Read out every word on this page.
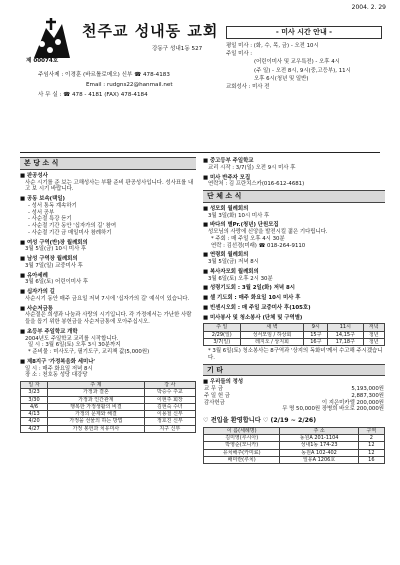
2004. 2. 29
천주교 성내동 교회
강동구 성내1동 527
제 00074호
주임사제 : 이경훈 (바르톨로메오) 신부 ☎ 478-4183
Email : rudgns22@hanmail.net
사 무 실 : ☎ 478 - 4181 (FAX) 478-4184
- 미사 시간 안내 -
평일 미사 : (화, 수, 목, 금) - 오전 10시
주일 미사 :
(어린이미사 및 교우특전) - 오후 4시
(주 일) - 오전 8시, 9시(중,고등부), 11시
오후 6시(청년 및 일반)
교회성사 : 미사 전
본 당 소 식
■ 판공성사
사순 시기를 준 보는 고해성사는 부활 준비 판공성사입니다. 성사표를 내고 보 시기 바랍니다.
■ 공동 보속(택일)
- 성서 통독 계속하기
- 성서 공부
- 사순절 특강 듣기
- 사순절 기간 동안 '십자가의 길' 참여
- 사순절 기간 금 매일미사 참례하기
■ 여성 구역(반)장 월례회의
3월 5일(금) 10시 미사 후
■ 남성 구역장 월례회의
3월 7일(일) 교중미사 후
■ 유아세례
3월 6일(토) 어린이미사 후
■ 십자가의 길
사순시기 동안 매주 금요일 저녁 7시에 '십자가의 길' 예식이 있습니다.
■ 사순저금통
사순절은 희생과 나눔과 사랑의 시기입니다. 각 가정에서는 가난한 사람들을 돕기 위한 봉헌금을 사순저금통에 모아주십시오.
■ 초등부 주일학교 개학
2004년도 주일학교 교리를 시작합니다.
일 시 : 3월 6일(토) 오후 3시 30분까지
* 준비물 : 미사도구, 필기도구, 교리책 값(5,000원)
■ 제8지구 '가정복음화 세미나'
일 시 : 매주 화요일 저녁 8시
장 소 : 천호동 성당 대강당
일 자	주 제	강 사
3/23	가정과 결혼	박승수 주교
3/30	가정과 인간관계	이현주 회장
4/6	행복한 가정생활의 비결	김현숙 수녀
4/13	가정의 문제와 해결	이용철 신부
4/20	가정을 선물의 하는 방법	정호진 신부
4/27	가정 봉헌과 치유미사	지구 신부
■ 중고등부 주일학교
교리 시작 : 3/7(일) 오전 9시 미사 후
■ 미사 반주자 모집
연락처 : 김 프란치스카(016-612-4681)
단 체 소 식
■ 성모회 월례회의
3월 3일(화) 10시 미사 후
■ 바다의 별Pr.(청년) 단원모집
성모님의 사랑에 신앙을 발전시킬 젊은 기다립니다.
* 주회 : 매 주일 오후 4시 30분
연락 : 김선경(미래) ☎ 018-264-9110
■ 연령회 월례회의
3월 5일(금) 저녁 8시
■ 복사자모회 월례회의
3월 6일(토) 오후 2시 30분
■ 성령기도회 : 3월 2일(화) 저녁 8시
■ 셀 기도회 : 매주 화요일 10시 미사 후
■ 빈센시오회 : 매 주일 교중미사 후(105호)
■ 미사봉사 및 청소봉사 (단체 및 구역별)
주 일	새 벽	9시	11시	저녁
2/29(일)	성서모임 / 하상회	15구	14,15구	청년
3/7(일)	레지오 / 상지회	16구	17,18구	청년
* 3월 6일(토) 청소봉사는 8구역과 '상지의 독화녀'께서 수고해 주시겠습니다.
기 타
■ 우리들의 정성
교 무 금	5,193,000원
주 일 헌 금	2,887,300원
감사헌금	이 지은미카엘 200,000원
	무 명 50,000원 장병희 바오로 200,000원
♡ 전입을 환영합니다 ♡ (2/19 ~ 2/26)
이 름(세례명)	주 소	구역
김미영(루시아)	동원A 201-1104	2
박영순(모니카)	성내1동 174-23	12
유치해주(카미료)	동원A 102-402	12
배미란(루치)	일유A 1206호	16
